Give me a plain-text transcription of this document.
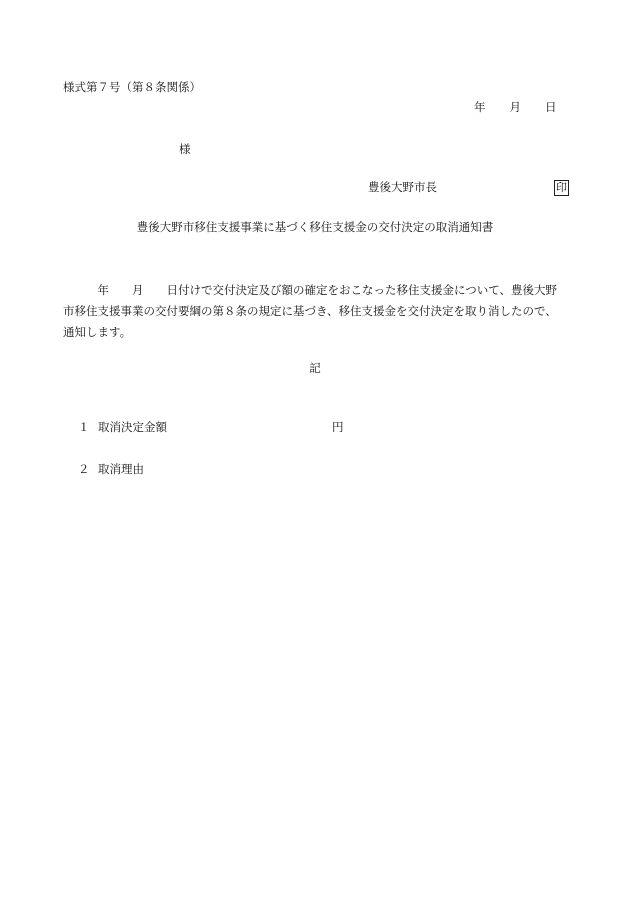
様式第７号（第８条関係）
年 月 日
様
豊後大野市長	印
豊後大野市移住支援事業に基づく移住支援金の交付決定の取消通知書
　　　年　　月　　日付けで交付決定及び額の確定をおこなった移住支援金について、豊後大野
市移住支援事業の交付要綱の第８条の規定に基づき、移住支援金を交付決定を取り消したので、
通知します。
記
１ 取消決定金額	円
２ 取消理由
